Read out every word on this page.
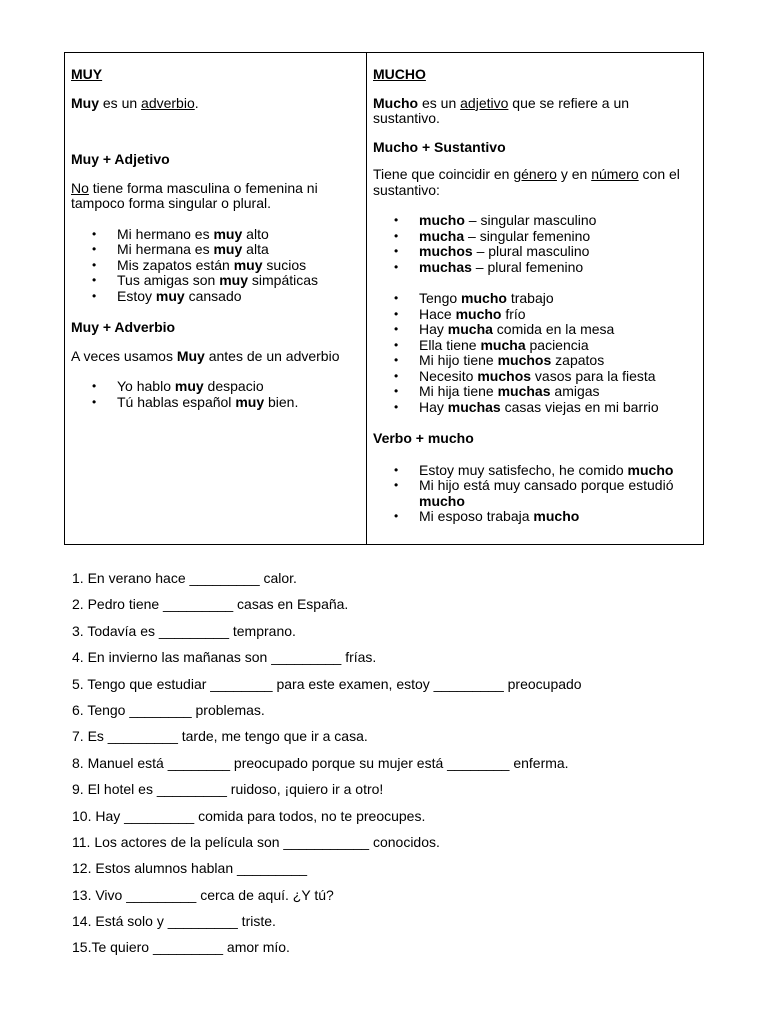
MUY

Muy es un adverbio.

Muy + Adjetivo

No tiene forma masculina o femenina ni tampoco forma singular o plural.

• Mi hermano es muy alto
• Mi hermana es muy alta
• Mis zapatos están muy sucios
• Tus amigas son muy simpáticas
• Estoy muy cansado

Muy + Adverbio

A veces usamos Muy antes de un adverbio

• Yo hablo muy despacio
• Tú hablas español muy bien.

MUCHO

Mucho es un adjetivo que se refiere a un sustantivo.

Mucho + Sustantivo

Tiene que coincidir en género y en número con el sustantivo:

• mucho – singular masculino
• mucha – singular femenino
• muchos – plural masculino
• muchas – plural femenino
• Tengo mucho trabajo
• Hace mucho frío
• Hay mucha comida en la mesa
• Ella tiene mucha paciencia
• Mi hijo tiene muchos zapatos
• Necesito muchos vasos para la fiesta
• Mi hija tiene muchas amigas
• Hay muchas casas viejas en mi barrio

Verbo + mucho

• Estoy muy satisfecho, he comido mucho
• Mi hijo está muy cansado porque estudió mucho
• Mi esposo trabaja mucho

1. En verano hace _________ calor.

2. Pedro tiene _________ casas en España.

3. Todavía es _________ temprano.

4. En invierno las mañanas son _________ frías.

5. Tengo que estudiar ________ para este examen, estoy _________ preocupado

6. Tengo ________ problemas.

7. Es _________ tarde, me tengo que ir a casa.

8. Manuel está ________ preocupado porque su mujer está ________ enferma.

9. El hotel es _________ ruidoso, ¡quiero ir a otro!

10. Hay _________ comida para todos, no te preocupes.

11. Los actores de la película son ___________ conocidos.

12. Estos alumnos hablan _________

13. Vivo _________ cerca de aquí. ¿Y tú?

14. Está solo y _________ triste.

15.Te quiero _________ amor mío.
